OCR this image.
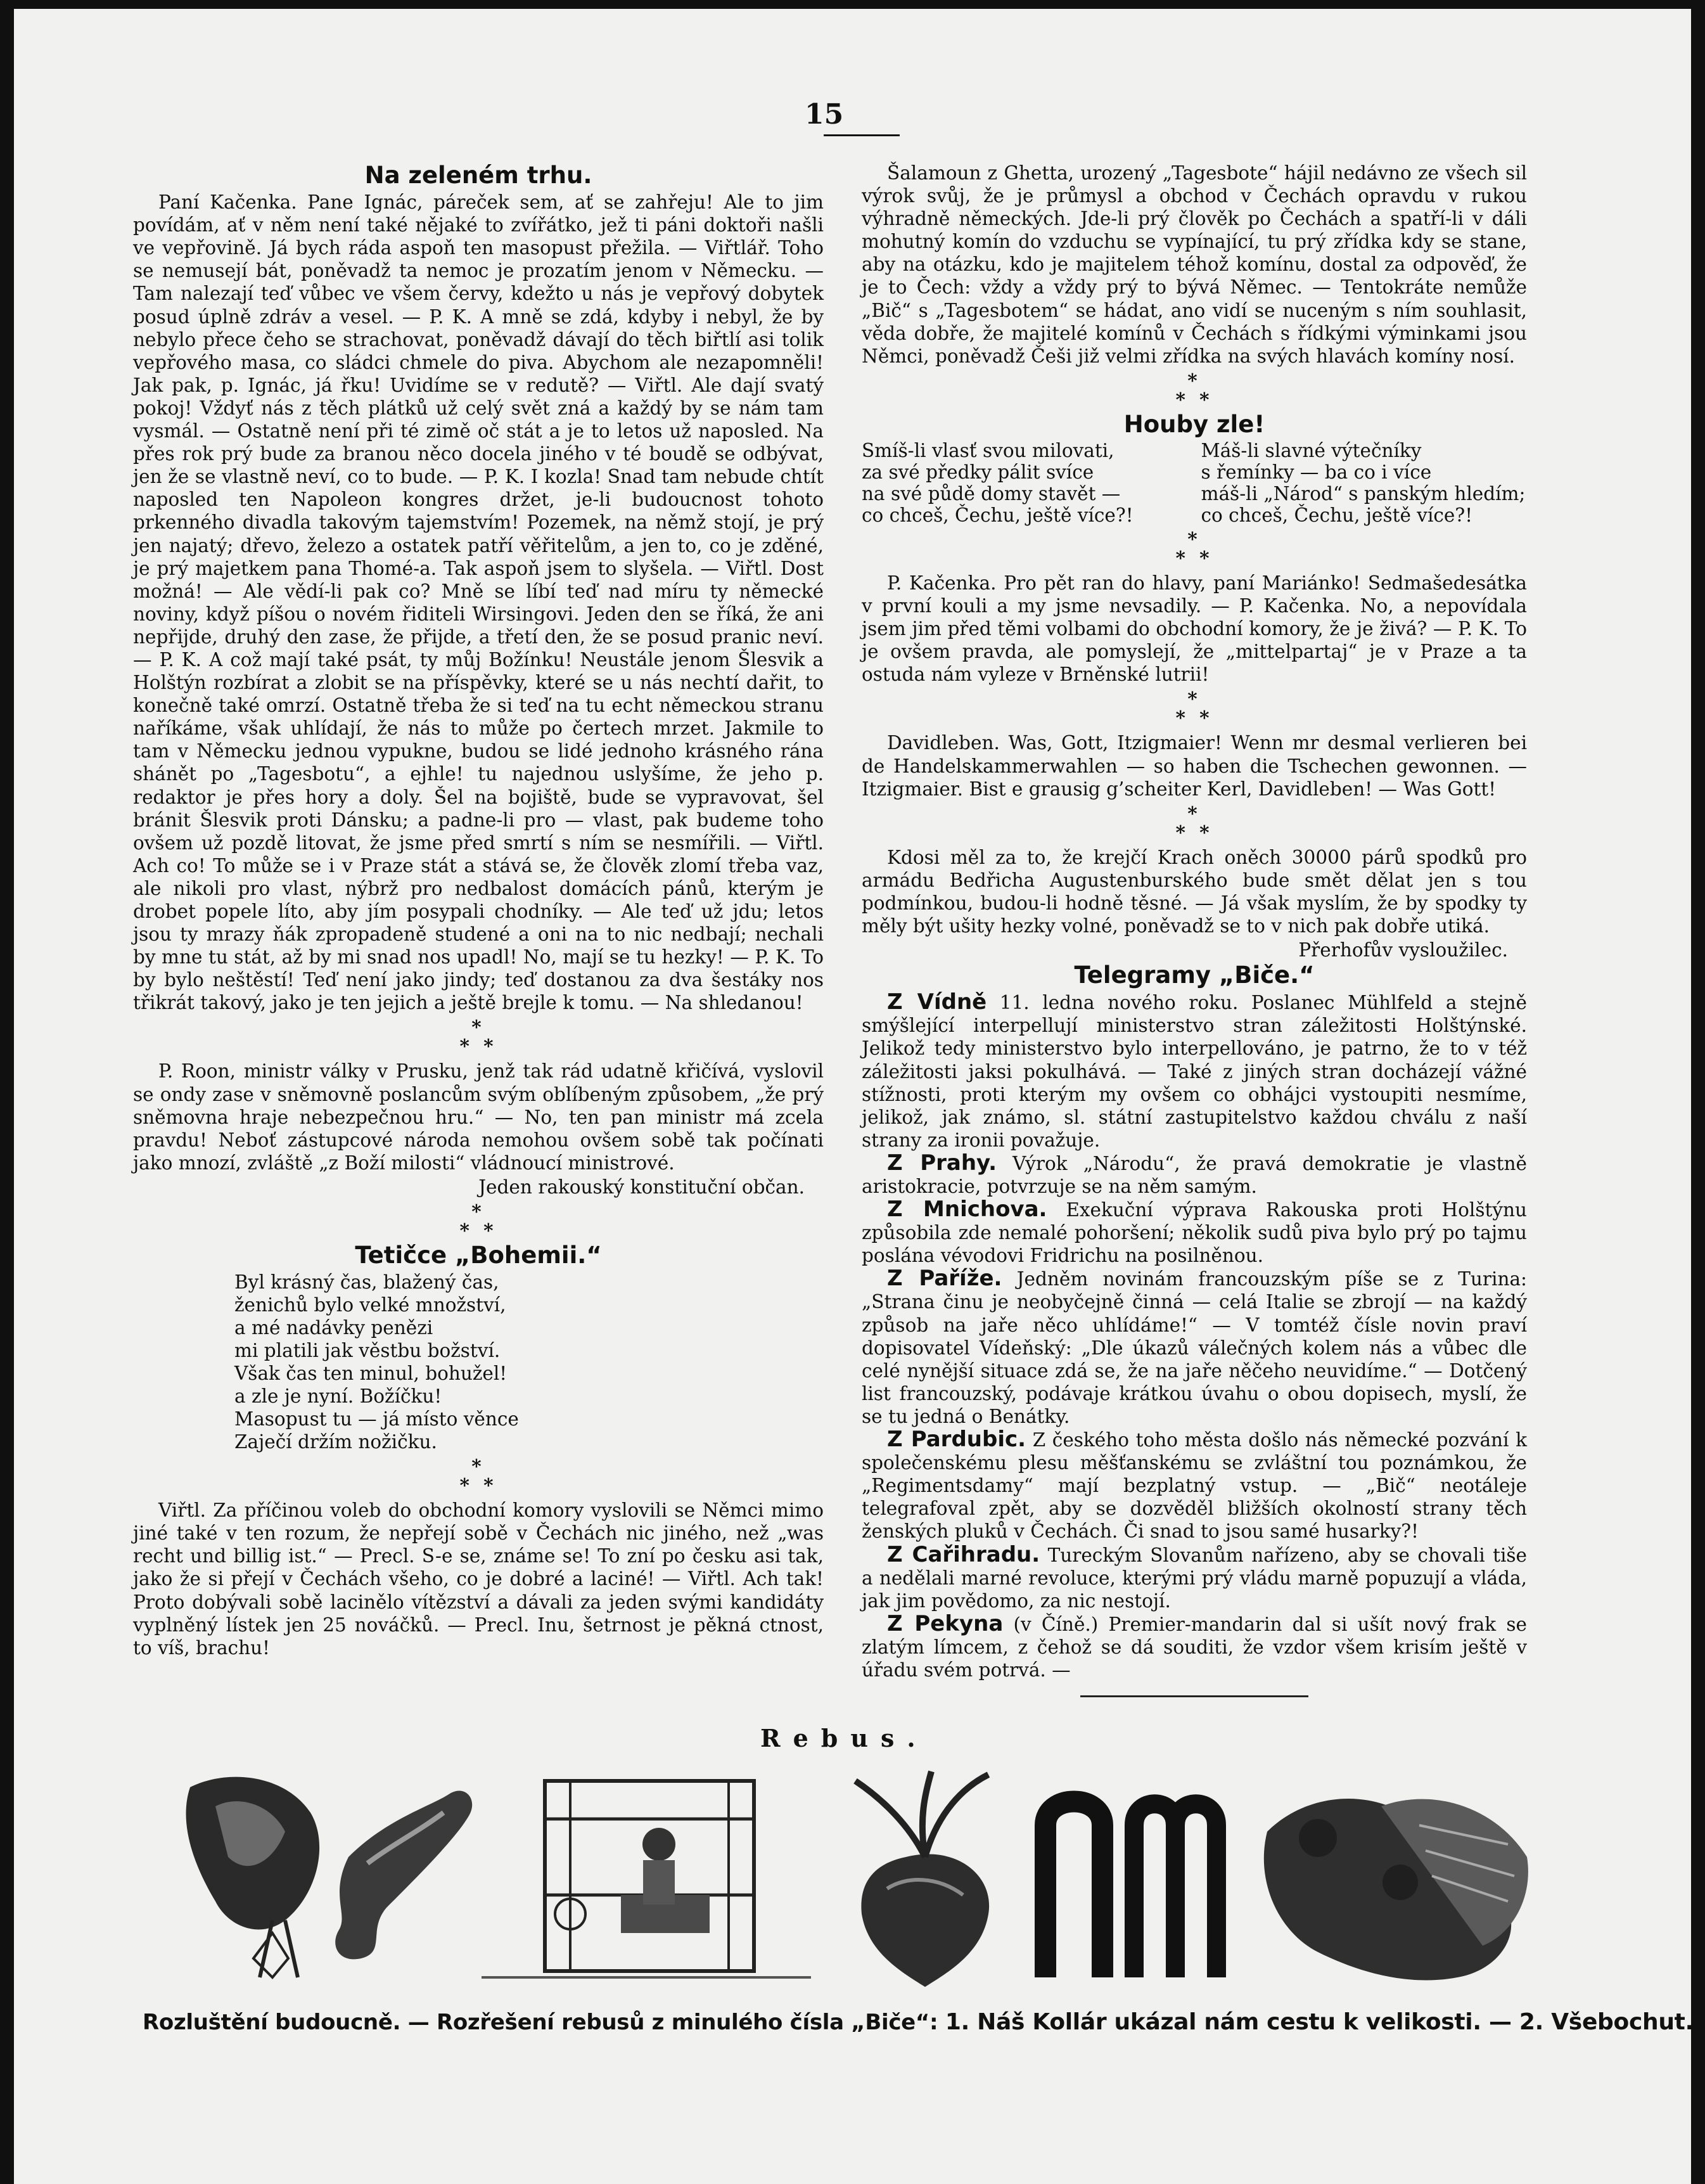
15
Na zeleném trhu.

Paní Kačenka. Pane Ignác, páreček sem, ať se zahřeju! Ale to jim povídám, ať v něm není také nějaké to zvířátko, jež ti páni doktoři našli ve vepřovině. Já bych ráda aspoň ten masopust přežila. — Viřtlář. Toho se nemusejí bát, poněvadž ta nemoc je prozatím jenom v Německu. — Tam nalezají teď vůbec ve všem červy, kdežto u nás je vepřový dobytek posud úplně zdráv a vesel. — P. K. A mně se zdá, kdyby i nebyl, že by nebylo přece čeho se strachovat, poněvadž dávají do těch biřtlí asi tolik vepřového masa, co sládci chmele do piva. Abychom ale nezapomněli! Jak pak, p. Ignác, já řku! Uvidíme se v redutě? — Viřtl. Ale dají svatý pokoj! Vždyť nás z těch plátků už celý svět zná a každý by se nám tam vysmál. — Ostatně není při té zimě oč stát a je to letos už naposled. Na přes rok prý bude za branou něco docela jiného v té boudě se odbývat, jen že se vlastně neví, co to bude. — P. K. I kozla! Snad tam nebude chtít naposled ten Napoleon kongres držet, je-li budoucnost tohoto prkenného divadla takovým tajemstvím! Pozemek, na němž stojí, je prý jen najatý; dřevo, železo a ostatek patří věřitelům, a jen to, co je zděné, je prý majetkem pana Thomé-a. Tak aspoň jsem to slyšela. — Viřtl. Dost možná! — Ale vědí-li pak co? Mně se líbí teď nad míru ty německé noviny, když píšou o novém řiditeli Wirsingovi. Jeden den se říká, že ani nepřijde, druhý den zase, že přijde, a třetí den, že se posud pranic neví. — P. K. A což mají také psát, ty můj Božínku! Neustále jenom Šlesvik a Holštýn rozbírat a zlobit se na příspěvky, které se u nás nechtí dařit, to konečně také omrzí. Ostatně třeba že si teď na tu echt německou stranu naříkáme, však uhlídají, že nás to může po čertech mrzet. Jakmile to tam v Německu jednou vypukne, budou se lidé jednoho krásného rána shánět po „Tagesbotu“, a ejhle! tu najednou uslyšíme, že jeho p. redaktor je přes hory a doly. Šel na bojiště, bude se vypravovat, šel bránit Šlesvik proti Dánsku; a padne-li pro — vlast, pak budeme toho ovšem už pozdě litovat, že jsme před smrtí s ním se nesmířili. — Viřtl. Ach co! To může se i v Praze stát a stává se, že člověk zlomí třeba vaz, ale nikoli pro vlast, nýbrž pro nedbalost domácích pánů, kterým je drobet popele líto, aby jím posypali chodníky. — Ale teď už jdu; letos jsou ty mrazy ňák zpropadeně studené a oni na to nic nedbají; nechali by mne tu stát, až by mi snad nos upadl! No, mají se tu hezky! — P. K. To by bylo neštěstí! Teď není jako jindy; teď dostanou za dva šestáky nos třikrát takový, jako je ten jejich a ještě brejle k tomu. — Na shledanou!

*
* *

P. Roon, ministr války v Prusku, jenž tak rád udatně křičívá, vyslovil se ondy zase v sněmovně poslancům svým oblíbeným způsobem, „že prý sněmovna hraje nebezpečnou hru.“ — No, ten pan ministr má zcela pravdu! Neboť zástupcové národa nemohou ovšem sobě tak počínati jako mnozí, zvláště „z Boží milosti“ vládnoucí ministrové.

Jeden rakouský konstituční občan.
*
* *
Tetičce „Bohemii.“
Byl krásný čas, blažený čas,
ženichů bylo velké množství,
a mé nadávky penězi
mi platili jak věstbu božství.
Však čas ten minul, bohužel!
a zle je nyní. Božíčku!
Masopust tu — já místo věnce
Zaječí držím nožičku.
*
* *

Viřtl. Za příčinou voleb do obchodní komory vyslovili se Němci mimo jiné také v ten rozum, že nepřejí sobě v Čechách nic jiného, než „was recht und billig ist.“ — Precl. S-e se, známe se! To zní po česku asi tak, jako že si přejí v Čechách všeho, co je dobré a laciné! — Viřtl. Ach tak! Proto dobývali sobě lacinělo vítězství a dávali za jeden svými kandidáty vyplněný lístek jen 25 nováčků. — Precl. Inu, šetrnost je pěkná ctnost, to víš, brachu!

Šalamoun z Ghetta, urozený „Tagesbote“ hájil nedávno ze všech sil výrok svůj, že je průmysl a obchod v Čechách opravdu v rukou výhradně německých. Jde-li prý člověk po Čechách a spatří-li v dáli mohutný komín do vzduchu se vypínající, tu prý zřídka kdy se stane, aby na otázku, kdo je majitelem téhož komínu, dostal za odpověď, že je to Čech: vždy a vždy prý to bývá Němec. — Tentokráte nemůže „Bič“ s „Tagesbotem“ se hádat, ano vidí se nuceným s ním souhlasit, věda dobře, že majitelé komínů v Čechách s řídkými výminkami jsou Němci, poněvadž Češi již velmi zřídka na svých hlavách komíny nosí.

*
* *
Houby zle!
Smíš-li vlasť svou milovati,
za své předky pálit svíce
na své půdě domy stavět —
co chceš, Čechu, ještě více?!
Máš-li slavné výtečníky
s řemínky — ba co i více
máš-li „Národ“ s panským hledím;
co chceš, Čechu, ještě více?!
*
* *

P. Kačenka. Pro pět ran do hlavy, paní Mariánko! Sedmašedesátka v první kouli a my jsme nevsadily. — P. Kačenka. No, a nepovídala jsem jim před těmi volbami do obchodní komory, že je živá? — P. K. To je ovšem pravda, ale pomyslejí, že „mittelpartaj“ je v Praze a ta ostuda nám vyleze v Brněnské lutrii!

*
* *

Davidleben. Was, Gott, Itzigmaier! Wenn mr desmal verlieren bei de Handelskammerwahlen — so haben die Tschechen gewonnen. — Itzigmaier. Bist e grausig g’scheiter Kerl, Davidleben! — Was Gott!

*
* *

Kdosi měl za to, že krejčí Krach oněch 30000 párů spodků pro armádu Bedřicha Augustenburského bude smět dělat jen s tou podmínkou, budou-li hodně těsné. — Já však myslím, že by spodky ty měly být ušity hezky volné, poněvadž se to v nich pak dobře utiká.

Přerhofův vysloužilec.
Telegramy „Biče.“

Z Vídně 11. ledna nového roku. Poslanec Mühlfeld a stejně smýšlející interpellují ministerstvo stran záležitosti Holštýnské. Jelikož tedy ministerstvo bylo interpellováno, je patrno, že to v též záležitosti jaksi pokulhává. — Také z jiných stran docházejí vážné stížnosti, proti kterým my ovšem co obhájci vystoupiti nesmíme, jelikož, jak známo, sl. státní zastupitelstvo každou chválu z naší strany za ironii považuje.

Z Prahy. Výrok „Národu“, že pravá demokratie je vlastně aristokracie, potvrzuje se na něm samým.

Z Mnichova. Exekuční výprava Rakouska proti Holštýnu způsobila zde nemalé pohoršení; několik sudů piva bylo prý po tajmu poslána vévodovi Fridrichu na posilněnou.

Z Paříže. Jedněm novinám francouzským píše se z Turina: „Strana činu je neobyčejně činná — celá Italie se zbrojí — na každý způsob na jaře něco uhlídáme!“ — V tomtéž čísle novin praví dopisovatel Vídeňský: „Dle úkazů válečných kolem nás a vůbec dle celé nynější situace zdá se, že na jaře něčeho neuvidíme.“ — Dotčený list francouzský, podávaje krátkou úvahu o obou dopisech, myslí, že se tu jedná o Benátky.

Z Pardubic. Z českého toho města došlo nás německé pozvání k společenskému plesu měšťanskému se zvláštní tou poznámkou, že „Regimentsdamy“ mají bezplatný vstup. — „Bič“ neotáleje telegrafoval zpět, aby se dozvěděl bližších okolností strany těch ženských pluků v Čechách. Či snad to jsou samé husarky?!

Z Cařihradu. Tureckým Slovanům nařízeno, aby se chovali tiše a nedělali marné revoluce, kterými prý vládu marně popuzují a vláda, jak jim povědomo, za nic nestojí.

Z Pekyna (v Číně.) Premier-mandarin dal si ušít nový frak se zlatým límcem, z čehož se dá souditi, že vzdor všem krisím ještě v úřadu svém potrvá. —

Rebus.
Rozluštění budoucně. — Rozřešení rebusů z minulého čísla „Biče“: 1. Náš Kollár ukázal nám cestu k velikosti. — 2. Všebochut.
